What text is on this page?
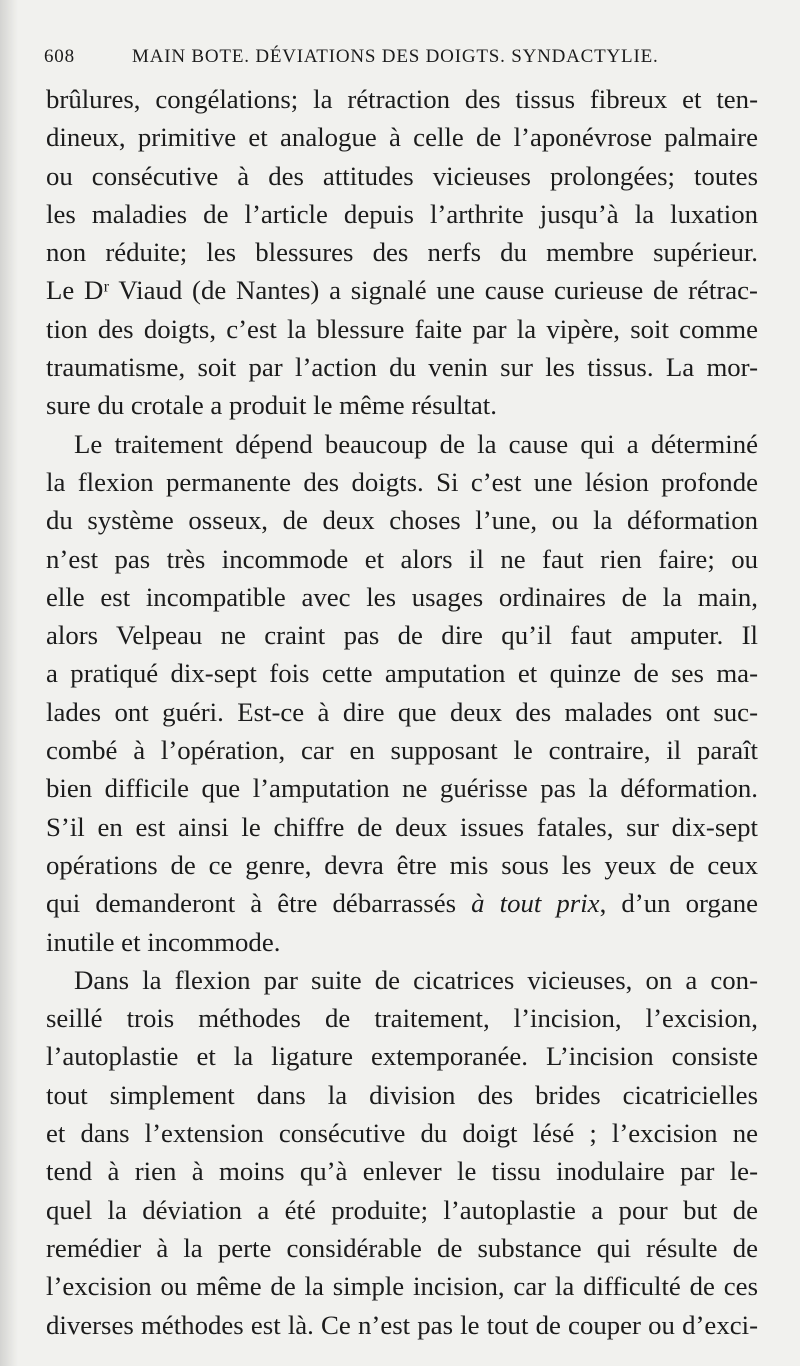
608	MAIN BOTE. DÉVIATIONS DES DOIGTS. SYNDACTYLIE.
brûlures, congélations; la rétraction des tissus fibreux et ten-
dineux, primitive et analogue à celle de l’aponévrose palmaire
ou consécutive à des attitudes vicieuses prolongées; toutes
les maladies de l’article depuis l’arthrite jusqu’à la luxation
non réduite; les blessures des nerfs du membre supérieur.
Le Dʳ Viaud (de Nantes) a signalé une cause curieuse de rétrac-
tion des doigts, c’est la blessure faite par la vipère, soit comme
traumatisme, soit par l’action du venin sur les tissus. La mor-
sure du crotale a produit le même résultat.
Le traitement dépend beaucoup de la cause qui a déterminé
la flexion permanente des doigts. Si c’est une lésion profonde
du système osseux, de deux choses l’une, ou la déformation
n’est pas très incommode et alors il ne faut rien faire; ou
elle est incompatible avec les usages ordinaires de la main,
alors Velpeau ne craint pas de dire qu’il faut amputer. Il
a pratiqué dix-sept fois cette amputation et quinze de ses ma-
lades ont guéri. Est-ce à dire que deux des malades ont suc-
combé à l’opération, car en supposant le contraire, il paraît
bien difficile que l’amputation ne guérisse pas la déformation.
S’il en est ainsi le chiffre de deux issues fatales, sur dix-sept
opérations de ce genre, devra être mis sous les yeux de ceux
qui demanderont à être débarrassés à tout prix, d’un organe
inutile et incommode.
Dans la flexion par suite de cicatrices vicieuses, on a con-
seillé trois méthodes de traitement, l’incision, l’excision,
l’autoplastie et la ligature extemporanée. L’incision consiste
tout simplement dans la division des brides cicatricielles
et dans l’extension consécutive du doigt lésé ; l’excision ne
tend à rien à moins qu’à enlever le tissu inodulaire par le-
quel la déviation a été produite; l’autoplastie a pour but de
remédier à la perte considérable de substance qui résulte de
l’excision ou même de la simple incision, car la difficulté de ces
diverses méthodes est là. Ce n’est pas le tout de couper ou d’exci-
